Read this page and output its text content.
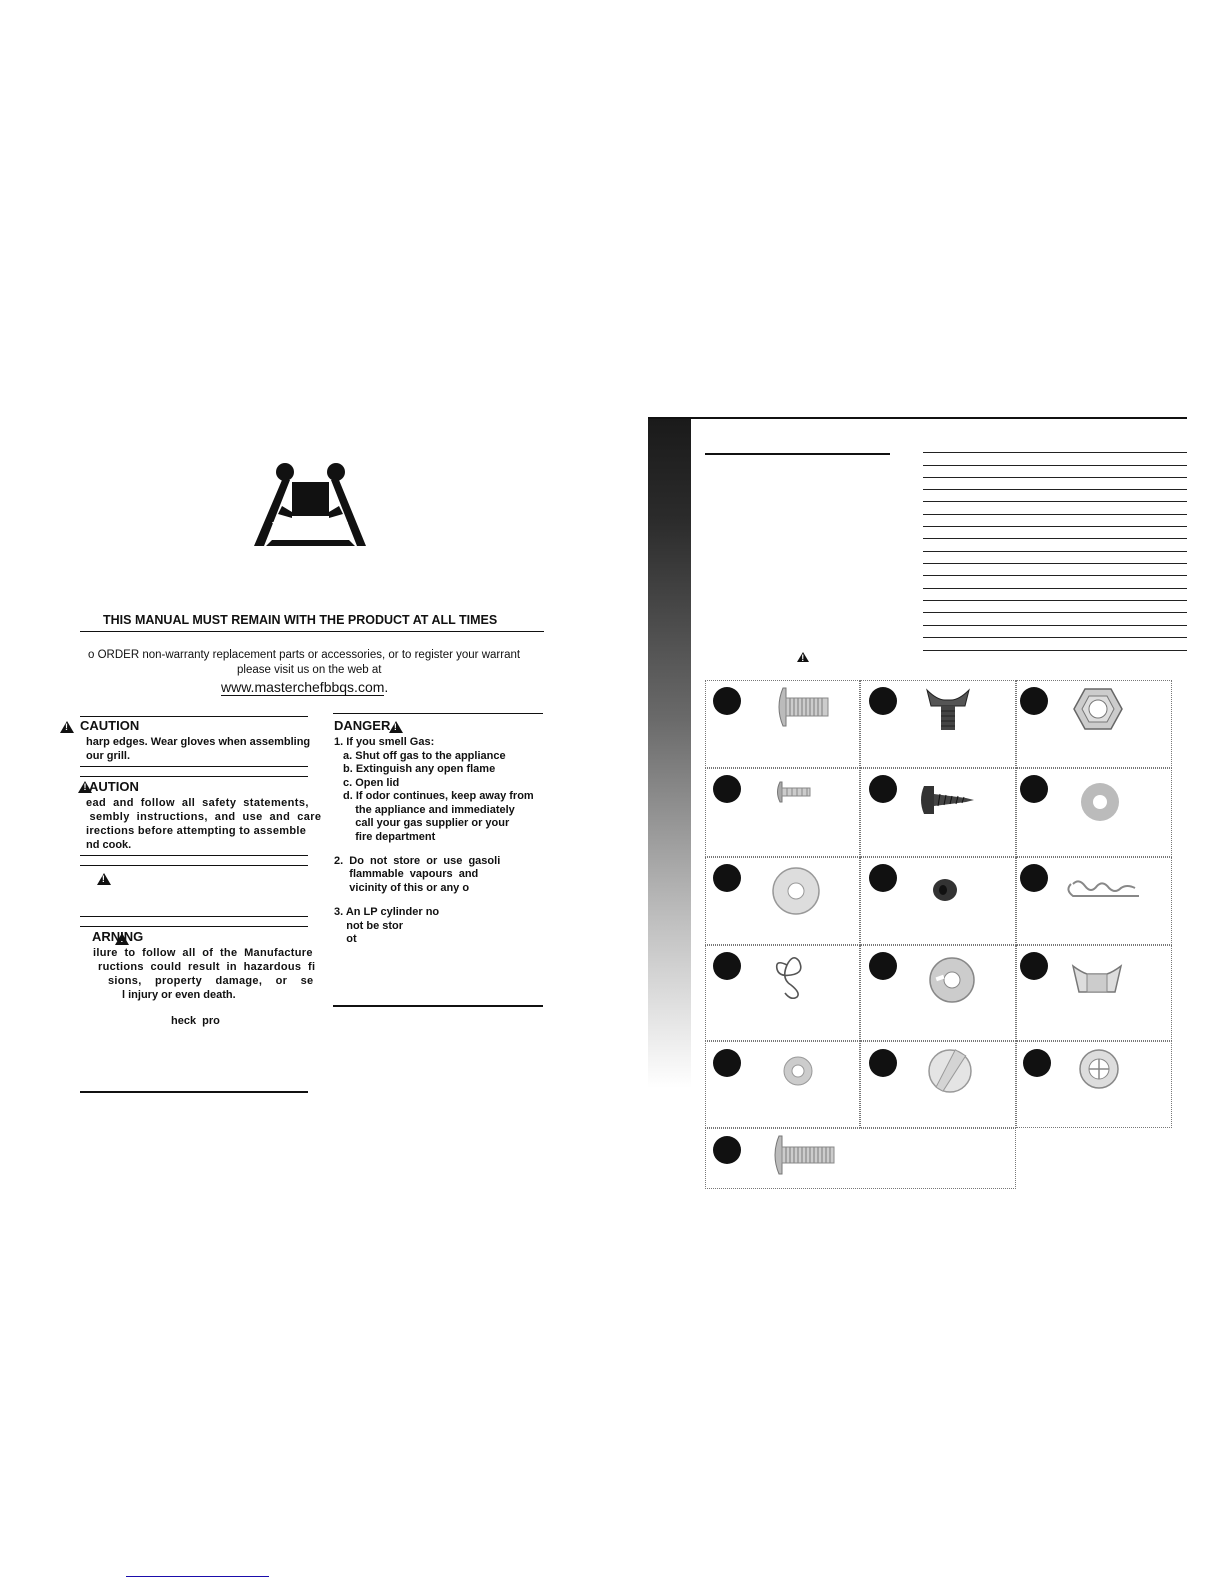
THIS MANUAL MUST REMAIN WITH THE PRODUCT AT ALL TIMES
o ORDER non-warranty replacement parts or accessories, or to register your warrant
please visit us on the web at
www.masterchefbbqs.com.
!
CAUTION
harp edges. Wear gloves when assembling
our grill.
!
AUTION
ead  and  follow  all  safety  statements,
sembly  instructions,  and  use  and  care
irections before attempting to assemble
nd cook.
!
!
ARNING
ilure  to  follow  all  of  the  Manufacture
ructions  could  result  in  hazardous  fi
sions,    property    damage,    or    se
l injury or even death.
heck  pro
!
DANGER
1. If you smell Gas:
a. Shut off gas to the appliance
b. Extinguish any open flame
c. Open lid
d. If odor continues, keep away from
the appliance and immediately
call your gas supplier or your
fire department
2.  Do  not  store  or  use  gasoli
flammable  vapours  and
vicinity of this or any o
3. An LP cylinder no
not be stor
ot
!
